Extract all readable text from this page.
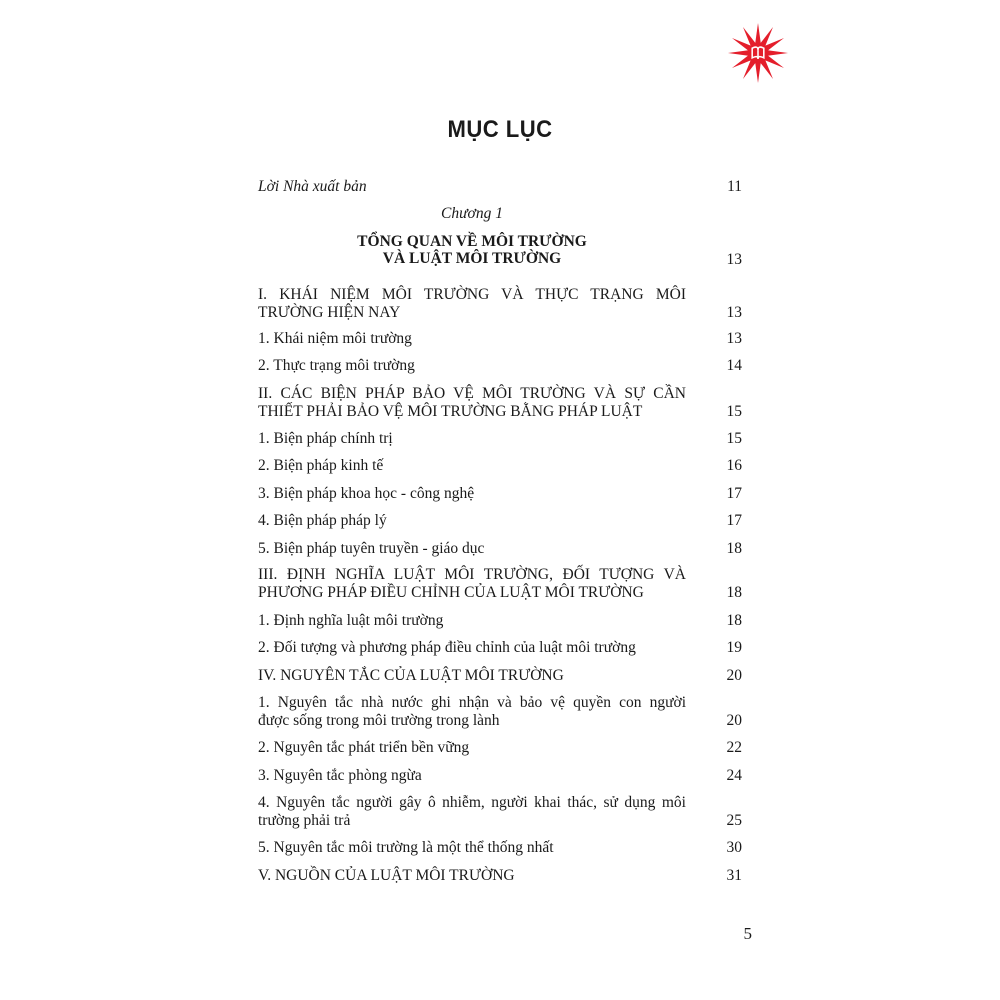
MỤC LỤC
Lời Nhà xuất bản	11
Chương 1
TỔNG QUAN VỀ MÔI TRƯỜNG
VÀ LUẬT MÔI TRƯỜNG	13
I. KHÁI NIỆM MÔI TRƯỜNG VÀ THỰC TRẠNG MÔI
TRƯỜNG HIỆN NAY	13
1. Khái niệm môi trường	13
2. Thực trạng môi trường	14
II. CÁC BIỆN PHÁP BẢO VỆ MÔI TRƯỜNG VÀ SỰ CẦN
THIẾT PHẢI BẢO VỆ MÔI TRƯỜNG BẰNG PHÁP LUẬT	15
1. Biện pháp chính trị	15
2. Biện pháp kinh tế	16
3. Biện pháp khoa học - công nghệ	17
4. Biện pháp pháp lý	17
5. Biện pháp tuyên truyền - giáo dục	18
III. ĐỊNH NGHĨA LUẬT MÔI TRƯỜNG, ĐỐI TƯỢNG VÀ
PHƯƠNG PHÁP ĐIỀU CHỈNH CỦA LUẬT MÔI TRƯỜNG	18
1. Định nghĩa luật môi trường	18
2. Đối tượng và phương pháp điều chỉnh của luật môi trường	19
IV. NGUYÊN TẮC CỦA LUẬT MÔI TRƯỜNG	20
1. Nguyên tắc nhà nước ghi nhận và bảo vệ quyền con người
được sống trong môi trường trong lành	20
2. Nguyên tắc phát triển bền vững	22
3. Nguyên tắc phòng ngừa	24
4. Nguyên tắc người gây ô nhiễm, người khai thác, sử dụng môi
trường phải trả	25
5. Nguyên tắc môi trường là một thể thống nhất	30
V. NGUỒN CỦA LUẬT MÔI TRƯỜNG	31
5
